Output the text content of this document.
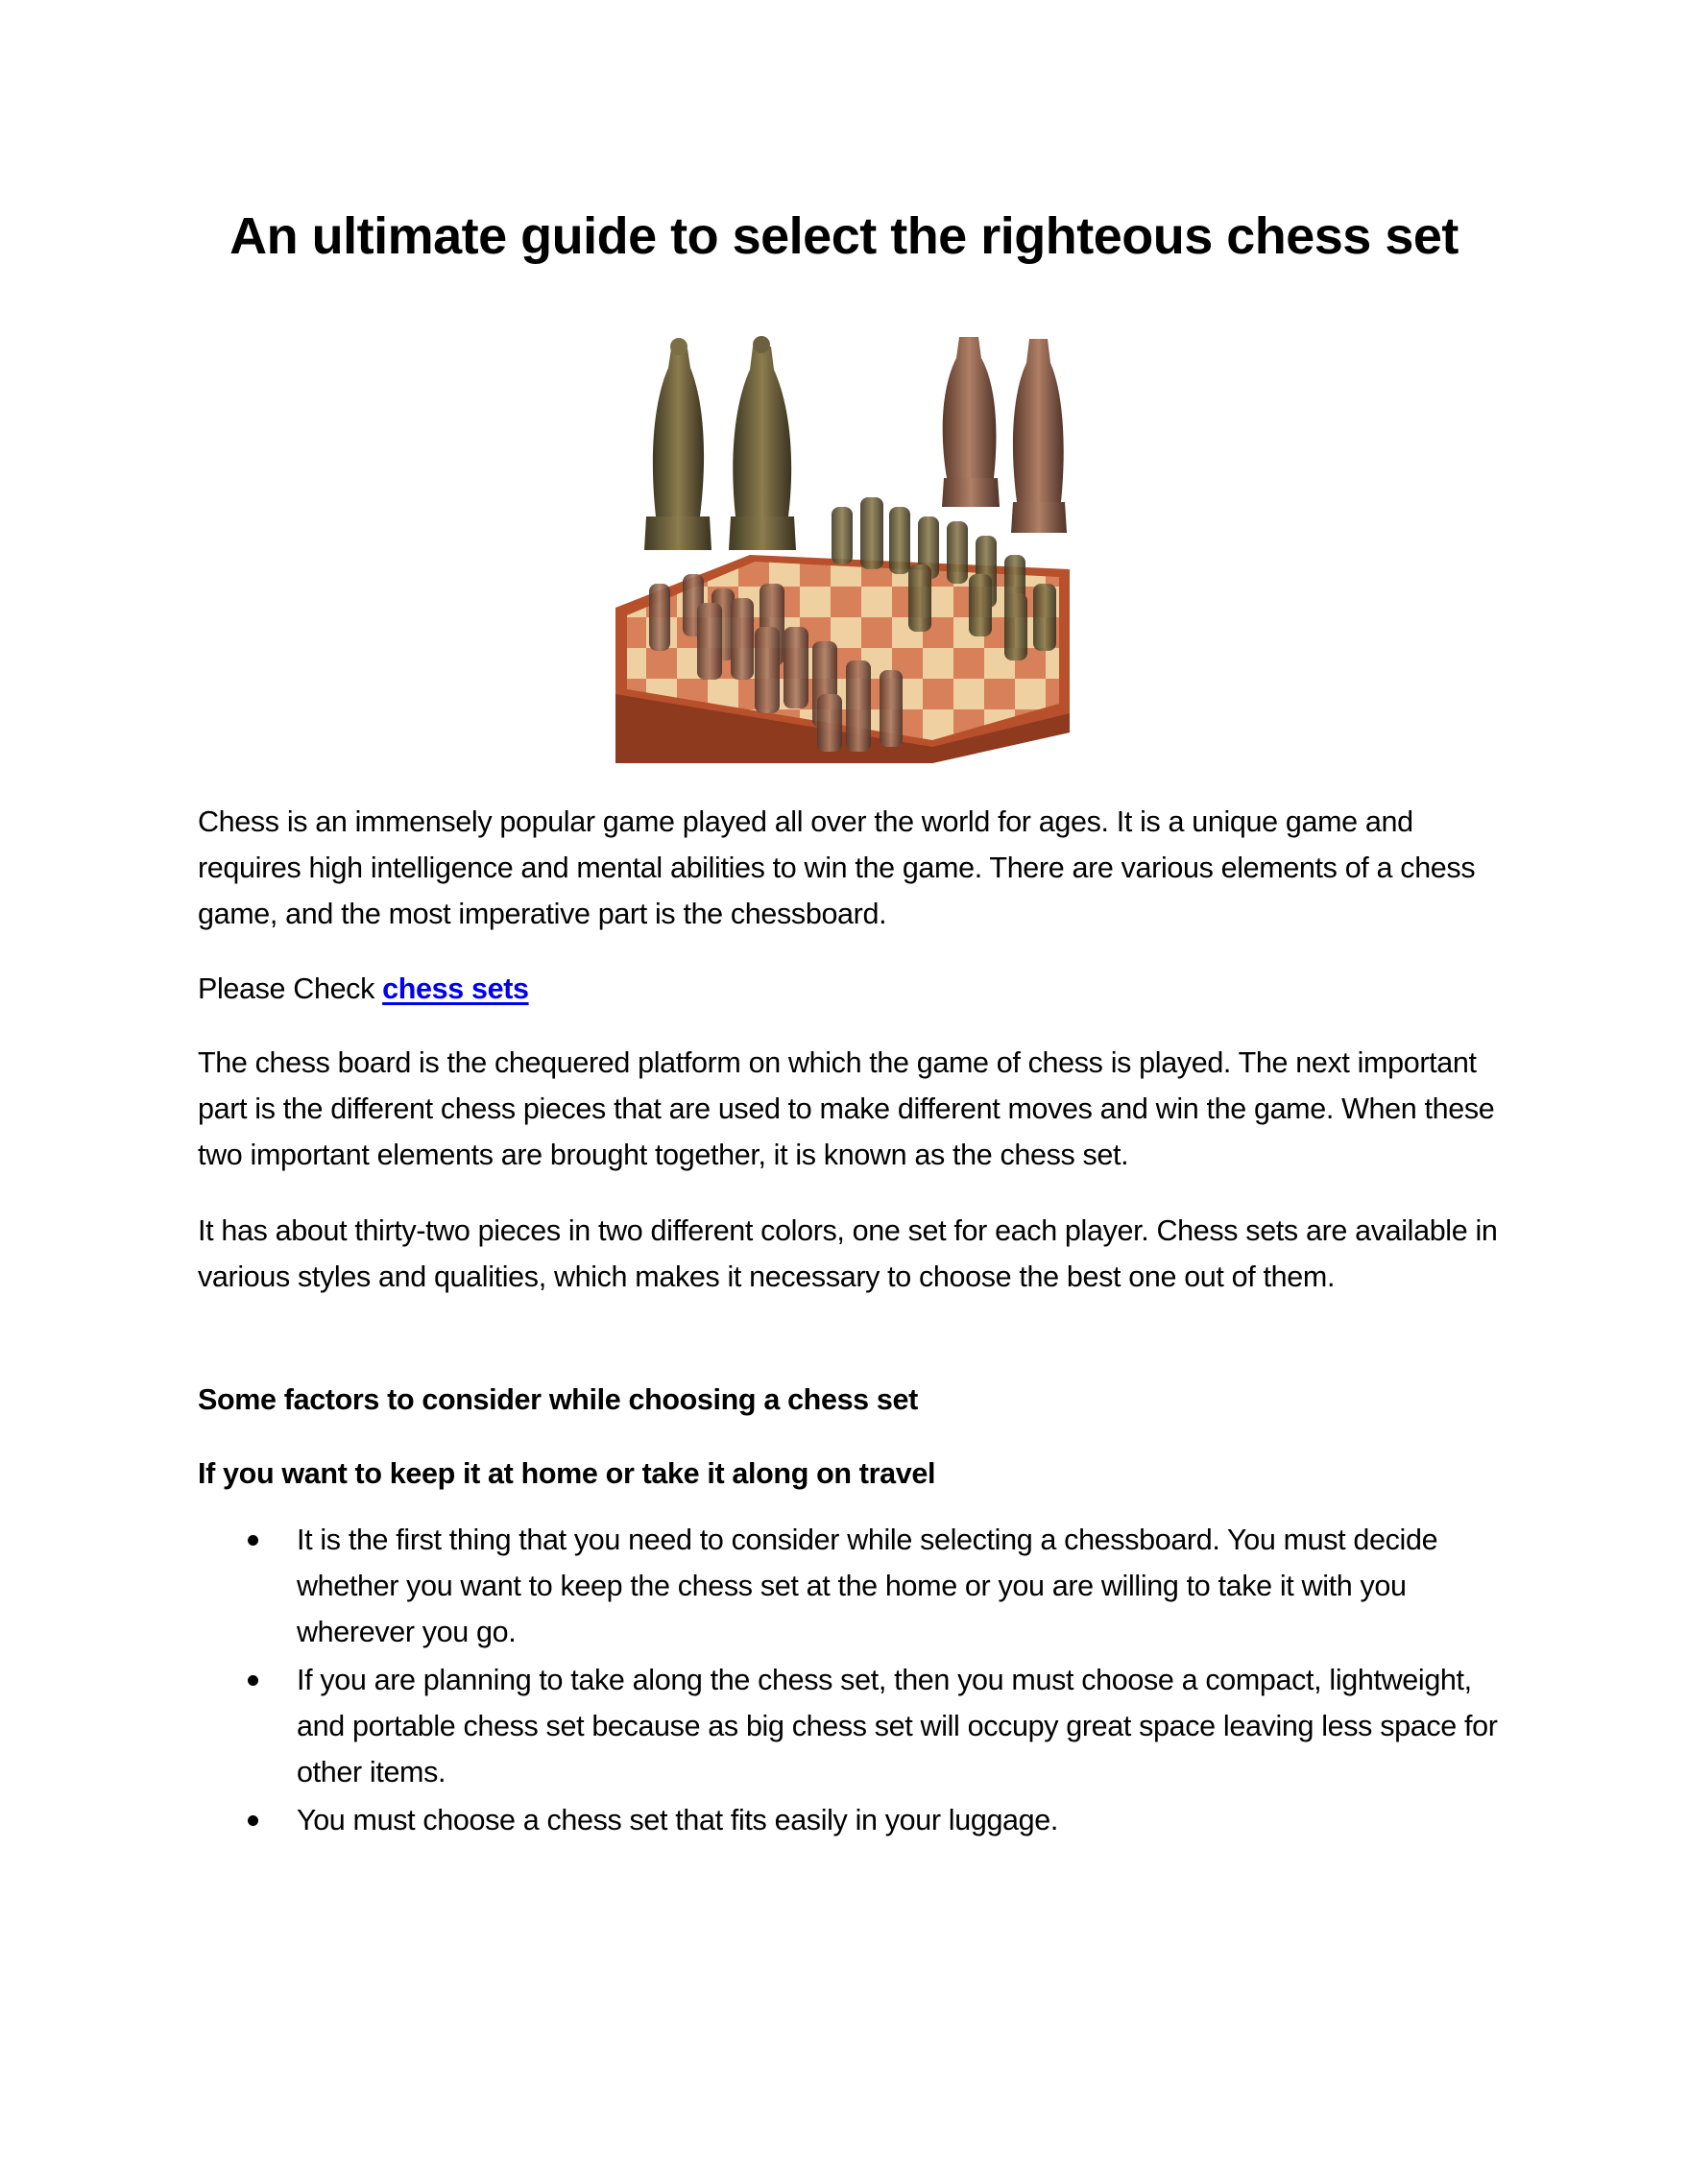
An ultimate guide to select the righteous chess set

Chess is an immensely popular game played all over the world for ages. It is a unique game and requires high intelligence and mental abilities to win the game. There are various elements of a chess game, and the most imperative part is the chessboard.

Please Check chess sets

The chess board is the chequered platform on which the game of chess is played. The next important part is the different chess pieces that are used to make different moves and win the game. When these two important elements are brought together, it is known as the chess set.

It has about thirty-two pieces in two different colors, one set for each player. Chess sets are available in various styles and qualities, which makes it necessary to choose the best one out of them.

Some factors to consider while choosing a chess set

If you want to keep it at home or take it along on travel

It is the first thing that you need to consider while selecting a chessboard. You must decide whether you want to keep the chess set at the home or you are willing to take it with you wherever you go.
If you are planning to take along the chess set, then you must choose a compact, lightweight, and portable chess set because as big chess set will occupy great space leaving less space for other items.
You must choose a chess set that fits easily in your luggage.
